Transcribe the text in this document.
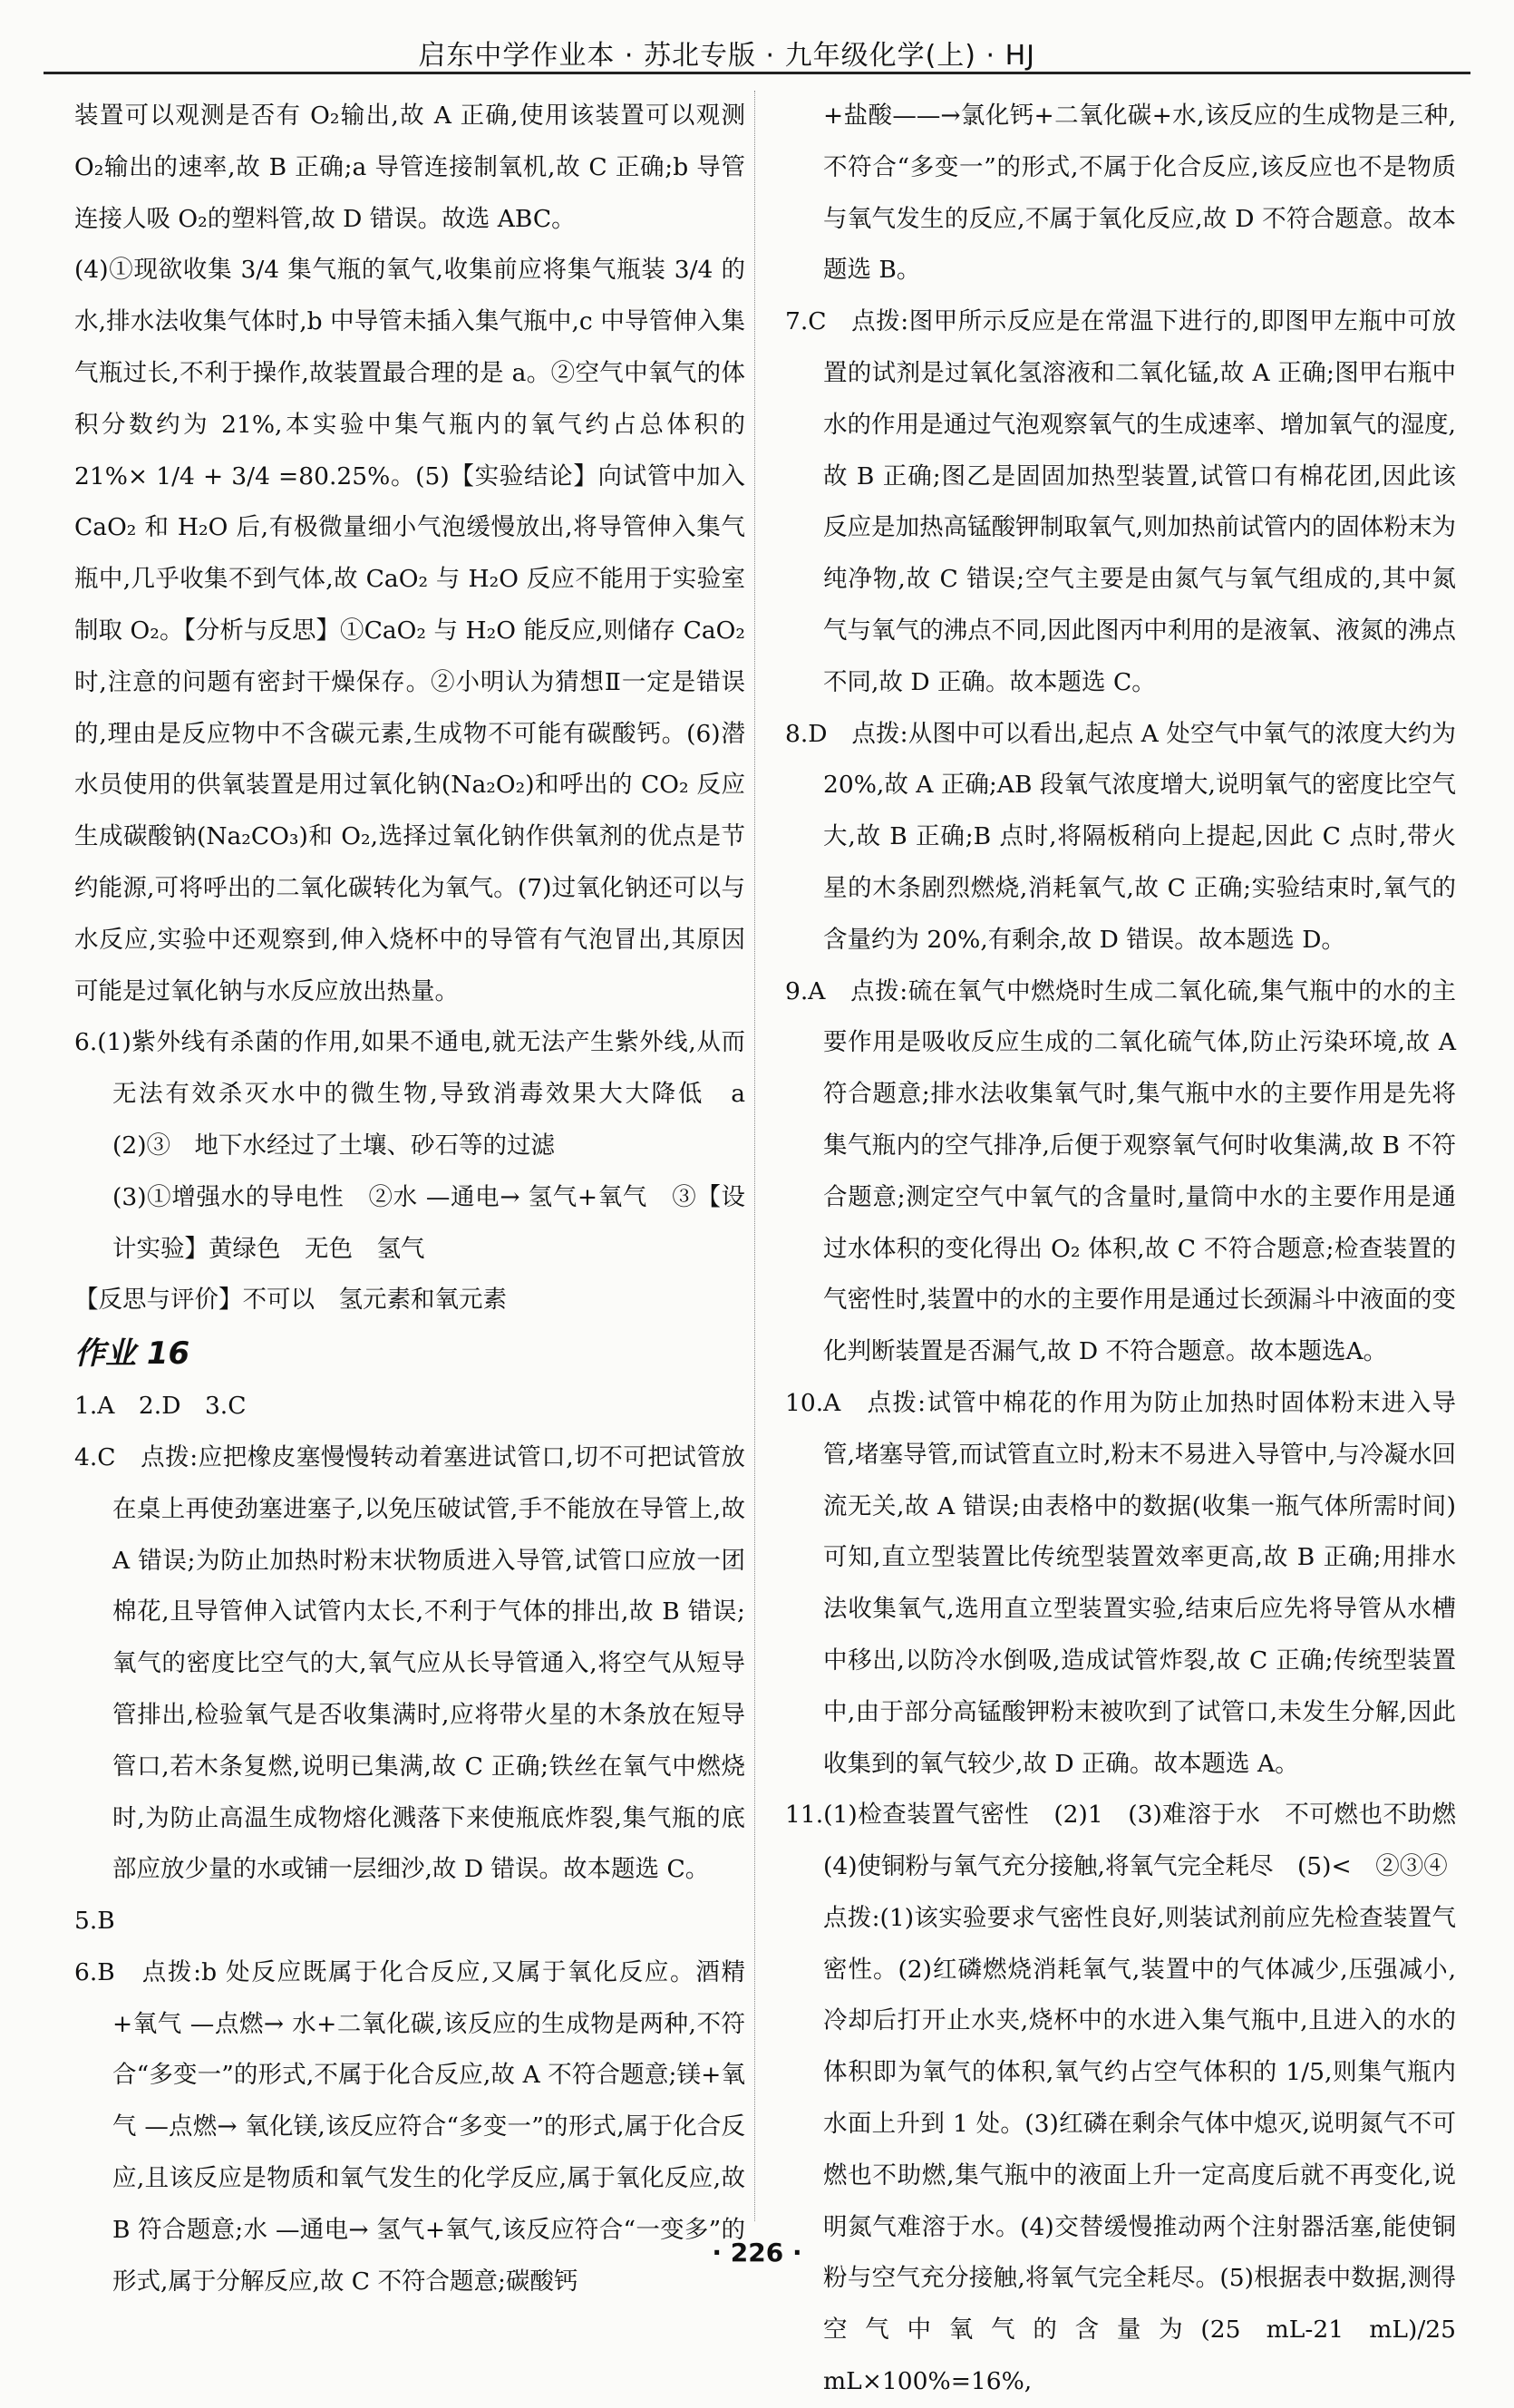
启东中学作业本 · 苏北专版 · 九年级化学(上) · HJ

装置可以观测是否有 O₂输出,故 A 正确,使用该装置可以观测 O₂输出的速率,故 B 正确;a 导管连接制氧机,故 C 正确;b 导管连接人吸 O₂的塑料管,故 D 错误。故选 ABC。

(4)①现欲收集 3/4 集气瓶的氧气,收集前应将集气瓶装 3/4 的水,排水法收集气体时,b 中导管未插入集气瓶中,c 中导管伸入集气瓶过长,不利于操作,故装置最合理的是 a。②空气中氧气的体积分数约为 21%,本实验中集气瓶内的氧气约占总体积的 21%× 1/4 + 3/4 =80.25%。(5)【实验结论】向试管中加入 CaO₂ 和 H₂O 后,有极微量细小气泡缓慢放出,将导管伸入集气瓶中,几乎收集不到气体,故 CaO₂ 与 H₂O 反应不能用于实验室制取 O₂。【分析与反思】①CaO₂ 与 H₂O 能反应,则储存 CaO₂时,注意的问题有密封干燥保存。②小明认为猜想Ⅱ一定是错误的,理由是反应物中不含碳元素,生成物不可能有碳酸钙。(6)潜水员使用的供氧装置是用过氧化钠(Na₂O₂)和呼出的 CO₂ 反应生成碳酸钠(Na₂CO₃)和 O₂,选择过氧化钠作供氧剂的优点是节约能源,可将呼出的二氧化碳转化为氧气。(7)过氧化钠还可以与水反应,实验中还观察到,伸入烧杯中的导管有气泡冒出,其原因可能是过氧化钠与水反应放出热量。

6.(1)紫外线有杀菌的作用,如果不通电,就无法产生紫外线,从而无法有效杀灭水中的微生物,导致消毒效果大大降低　a　(2)③　地下水经过了土壤、砂石等的过滤

(3)①增强水的导电性　②水 —通电→ 氢气+氧气　③【设计实验】黄绿色　无色　氢气

【反思与评价】不可以　氢元素和氧元素

作业 16

1.A　2.D　3.C

4.C　点拨:应把橡皮塞慢慢转动着塞进试管口,切不可把试管放在桌上再使劲塞进塞子,以免压破试管,手不能放在导管上,故 A 错误;为防止加热时粉末状物质进入导管,试管口应放一团棉花,且导管伸入试管内太长,不利于气体的排出,故 B 错误;氧气的密度比空气的大,氧气应从长导管通入,将空气从短导管排出,检验氧气是否收集满时,应将带火星的木条放在短导管口,若木条复燃,说明已集满,故 C 正确;铁丝在氧气中燃烧时,为防止高温生成物熔化溅落下来使瓶底炸裂,集气瓶的底部应放少量的水或铺一层细沙,故 D 错误。故本题选 C。

5.B

6.B　点拨:b 处反应既属于化合反应,又属于氧化反应。酒精+氧气 —点燃→ 水+二氧化碳,该反应的生成物是两种,不符合“多变一”的形式,不属于化合反应,故 A 不符合题意;镁+氧气 —点燃→ 氧化镁,该反应符合“多变一”的形式,属于化合反应,且该反应是物质和氧气发生的化学反应,属于氧化反应,故 B 符合题意;水 —通电→ 氢气+氧气,该反应符合“一变多”的形式,属于分解反应,故 C 不符合题意;碳酸钙

+盐酸——→氯化钙+二氧化碳+水,该反应的生成物是三种,不符合“多变一”的形式,不属于化合反应,该反应也不是物质与氧气发生的反应,不属于氧化反应,故 D 不符合题意。故本题选 B。

7.C　点拨:图甲所示反应是在常温下进行的,即图甲左瓶中可放置的试剂是过氧化氢溶液和二氧化锰,故 A 正确;图甲右瓶中水的作用是通过气泡观察氧气的生成速率、增加氧气的湿度,故 B 正确;图乙是固固加热型装置,试管口有棉花团,因此该反应是加热高锰酸钾制取氧气,则加热前试管内的固体粉末为纯净物,故 C 错误;空气主要是由氮气与氧气组成的,其中氮气与氧气的沸点不同,因此图丙中利用的是液氧、液氮的沸点不同,故 D 正确。故本题选 C。

8.D　点拨:从图中可以看出,起点 A 处空气中氧气的浓度大约为 20%,故 A 正确;AB 段氧气浓度增大,说明氧气的密度比空气大,故 B 正确;B 点时,将隔板稍向上提起,因此 C 点时,带火星的木条剧烈燃烧,消耗氧气,故 C 正确;实验结束时,氧气的含量约为 20%,有剩余,故 D 错误。故本题选 D。

9.A　点拨:硫在氧气中燃烧时生成二氧化硫,集气瓶中的水的主要作用是吸收反应生成的二氧化硫气体,防止污染环境,故 A 符合题意;排水法收集氧气时,集气瓶中水的主要作用是先将集气瓶内的空气排净,后便于观察氧气何时收集满,故 B 不符合题意;测定空气中氧气的含量时,量筒中水的主要作用是通过水体积的变化得出 O₂ 体积,故 C 不符合题意;检查装置的气密性时,装置中的水的主要作用是通过长颈漏斗中液面的变化判断装置是否漏气,故 D 不符合题意。故本题选A。

10.A　点拨:试管中棉花的作用为防止加热时固体粉末进入导管,堵塞导管,而试管直立时,粉末不易进入导管中,与冷凝水回流无关,故 A 错误;由表格中的数据(收集一瓶气体所需时间)可知,直立型装置比传统型装置效率更高,故 B 正确;用排水法收集氧气,选用直立型装置实验,结束后应先将导管从水槽中移出,以防冷水倒吸,造成试管炸裂,故 C 正确;传统型装置中,由于部分高锰酸钾粉末被吹到了试管口,未发生分解,因此收集到的氧气较少,故 D 正确。故本题选 A。

11.(1)检查装置气密性　(2)1　(3)难溶于水　不可燃也不助燃　(4)使铜粉与氧气充分接触,将氧气完全耗尽　(5)<　②③④

点拨:(1)该实验要求气密性良好,则装试剂前应先检查装置气密性。(2)红磷燃烧消耗氧气,装置中的气体减少,压强减小,冷却后打开止水夹,烧杯中的水进入集气瓶中,且进入的水的体积即为氧气的体积,氧气约占空气体积的 1/5,则集气瓶内水面上升到 1 处。(3)红磷在剩余气体中熄灭,说明氮气不可燃也不助燃,集气瓶中的液面上升一定高度后就不再变化,说明氮气难溶于水。(4)交替缓慢推动两个注射器活塞,能使铜粉与空气充分接触,将氧气完全耗尽。(5)根据表中数据,测得空气中氧气的含量为(25 mL-21 mL)/25 mL×100%=16%,

· 226 ·
